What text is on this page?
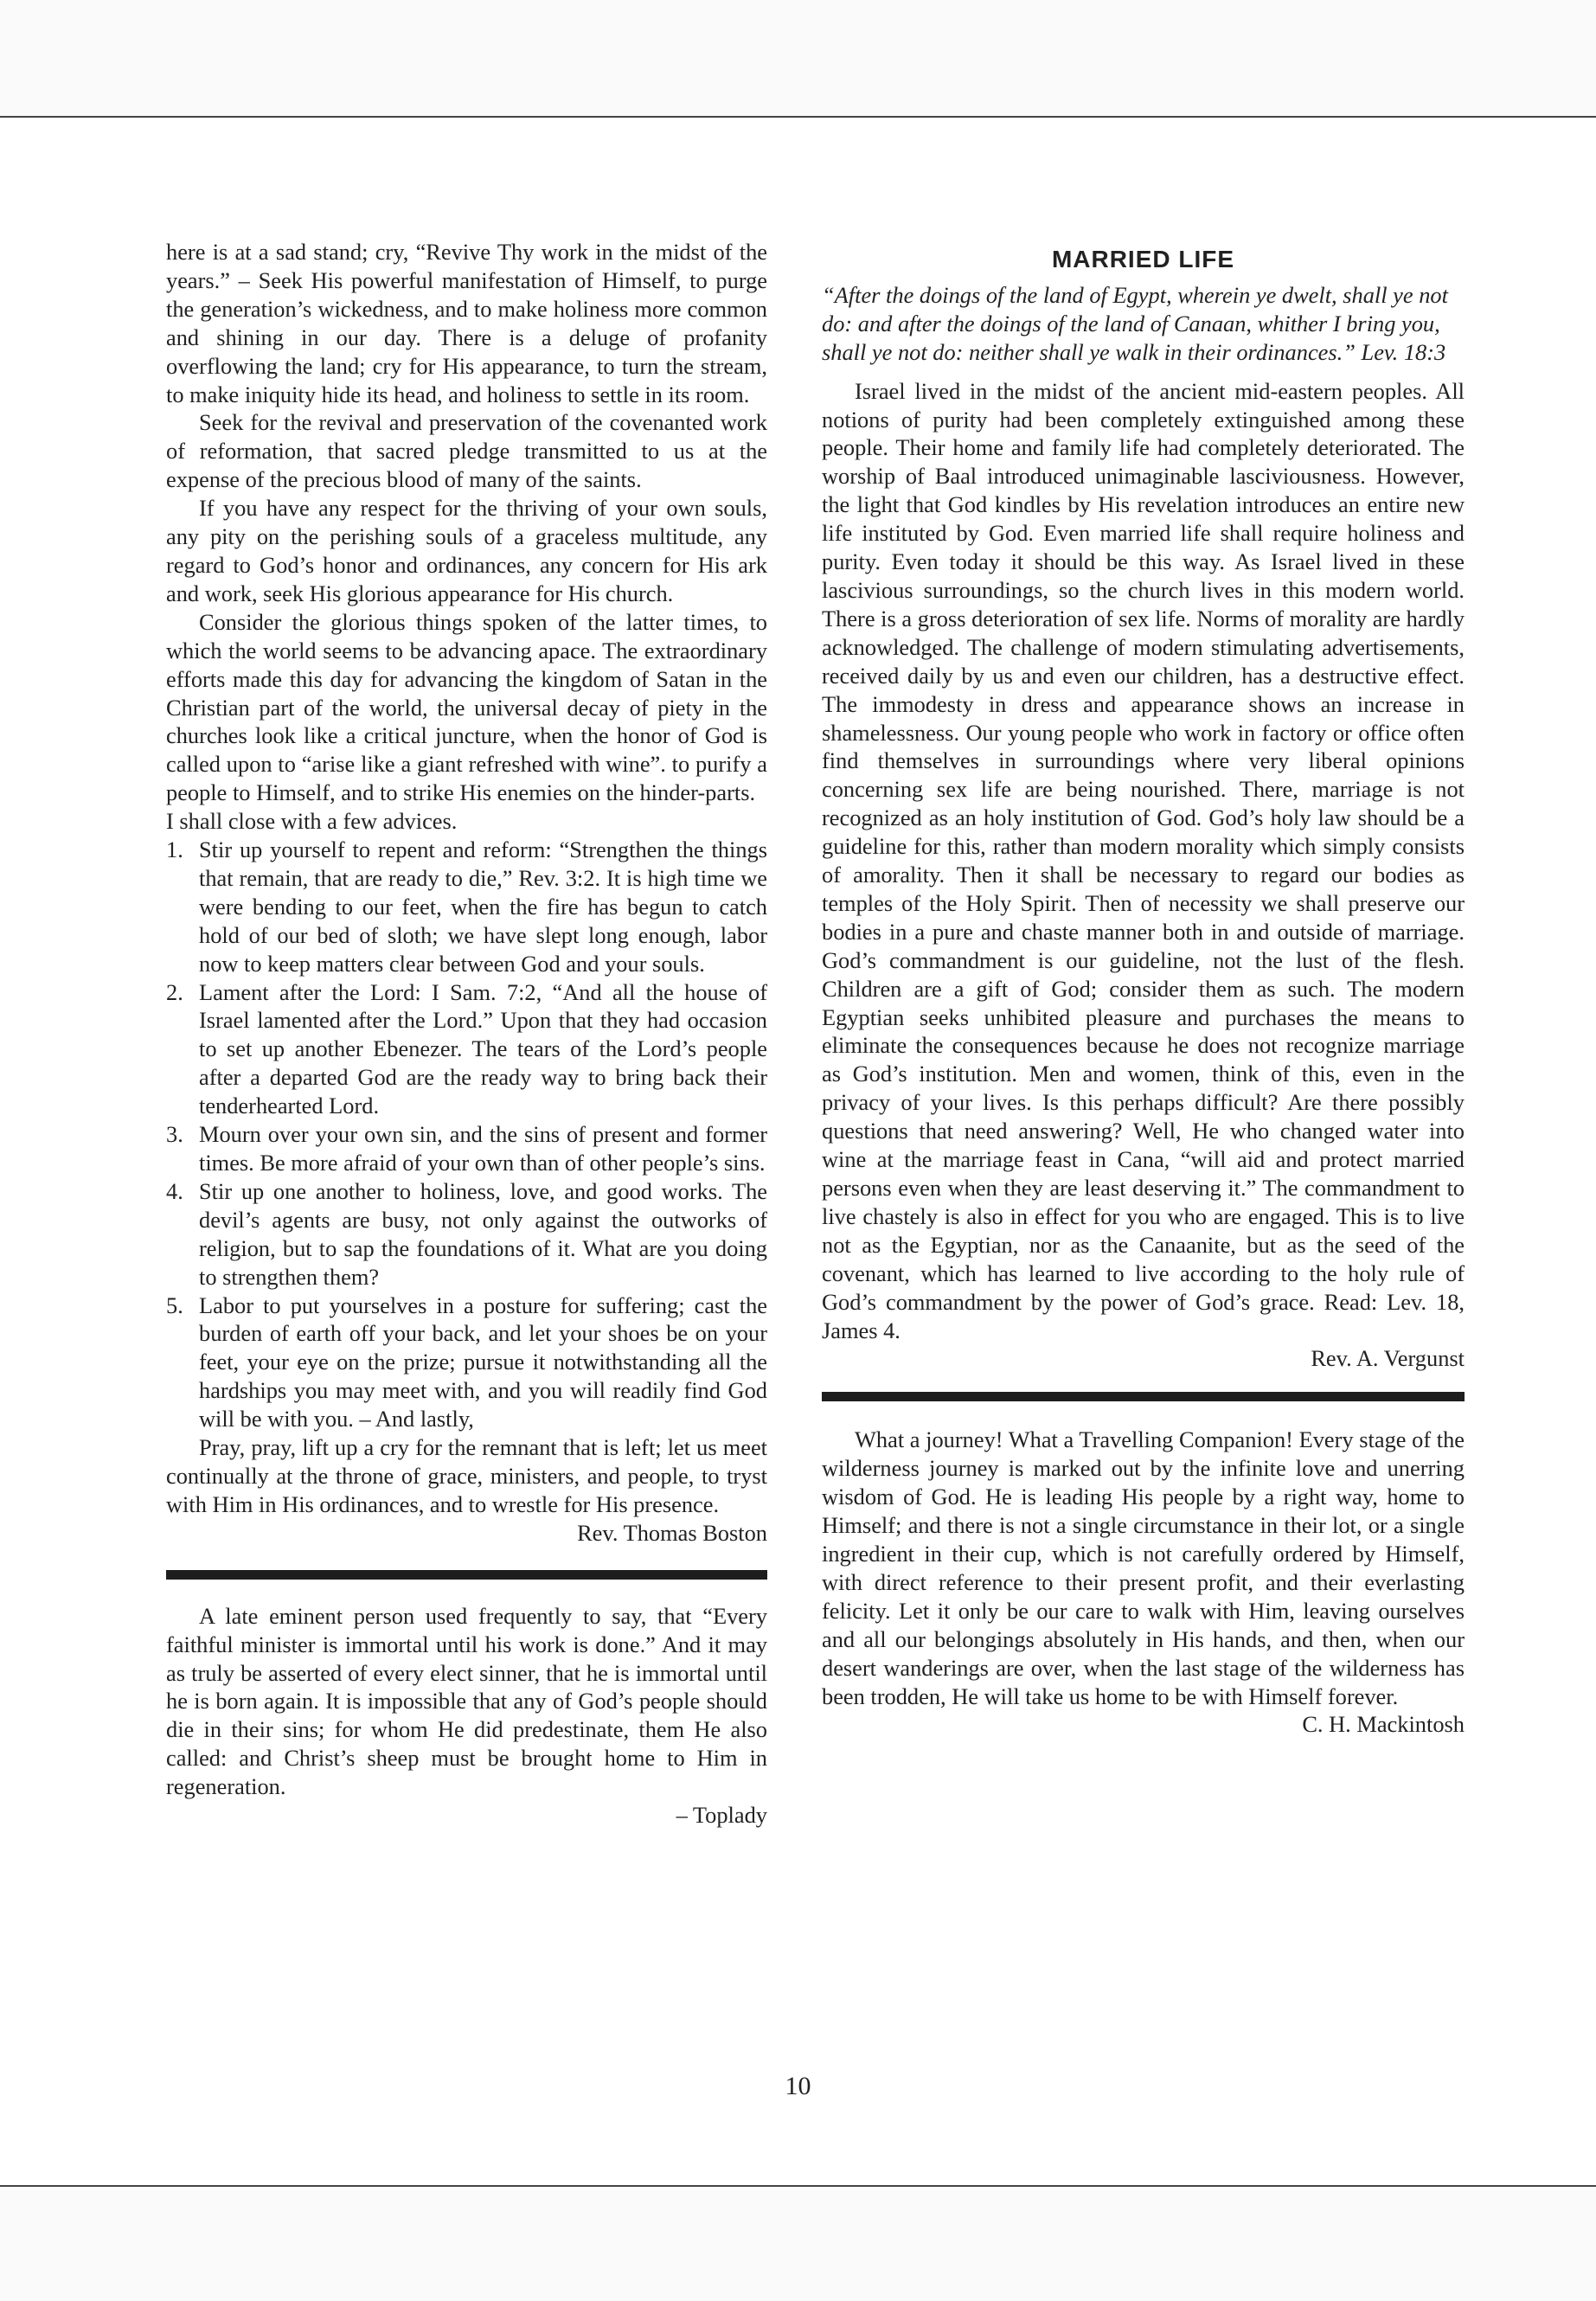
here is at a sad stand; cry, “Revive Thy work in the midst of the years.” – Seek His powerful manifestation of Himself, to purge the generation’s wickedness, and to make holiness more common and shining in our day. There is a deluge of profanity overflowing the land; cry for His appearance, to turn the stream, to make iniquity hide its head, and holiness to settle in its room.

Seek for the revival and preservation of the covenanted work of reformation, that sacred pledge transmitted to us at the expense of the precious blood of many of the saints.

If you have any respect for the thriving of your own souls, any pity on the perishing souls of a graceless multitude, any regard to God’s honor and ordinances, any concern for His ark and work, seek His glorious appearance for His church.

Consider the glorious things spoken of the latter times, to which the world seems to be advancing apace. The extraordinary efforts made this day for advancing the kingdom of Satan in the Christian part of the world, the universal decay of piety in the churches look like a critical juncture, when the honor of God is called upon to “arise like a giant refreshed with wine”. to purify a people to Himself, and to strike His enemies on the hinder-parts.

I shall close with a few advices.

1. Stir up yourself to repent and reform: “Strengthen the things that remain, that are ready to die,” Rev. 3:2. It is high time we were bending to our feet, when the fire has begun to catch hold of our bed of sloth; we have slept long enough, labor now to keep matters clear between God and your souls.
2. Lament after the Lord: I Sam. 7:2, “And all the house of Israel lamented after the Lord.” Upon that they had occasion to set up another Ebenezer. The tears of the Lord’s people after a departed God are the ready way to bring back their tenderhearted Lord.
3. Mourn over your own sin, and the sins of present and former times. Be more afraid of your own than of other people’s sins.
4. Stir up one another to holiness, love, and good works. The devil’s agents are busy, not only against the outworks of religion, but to sap the foundations of it. What are you doing to strengthen them?
5. Labor to put yourselves in a posture for suffering; cast the burden of earth off your back, and let your shoes be on your feet, your eye on the prize; pursue it notwithstanding all the hardships you may meet with, and you will readily find God will be with you. – And lastly,

Pray, pray, lift up a cry for the remnant that is left; let us meet continually at the throne of grace, ministers, and people, to tryst with Him in His ordinances, and to wrestle for His presence.

Rev. Thomas Boston

A late eminent person used frequently to say, that “Every faithful minister is immortal until his work is done.” And it may as truly be asserted of every elect sinner, that he is immortal until he is born again. It is impossible that any of God’s people should die in their sins; for whom He did predestinate, them He also called: and Christ’s sheep must be brought home to Him in regeneration.

– Toplady
MARRIED LIFE

“After the doings of the land of Egypt, wherein ye dwelt, shall ye not do: and after the doings of the land of Canaan, whither I bring you, shall ye not do: neither shall ye walk in their ordinances.” Lev. 18:3

Israel lived in the midst of the ancient mid-eastern peoples. All notions of purity had been completely extinguished among these people. Their home and family life had completely deteriorated. The worship of Baal introduced unimaginable lasciviousness. However, the light that God kindles by His revelation introduces an entire new life instituted by God. Even married life shall require holiness and purity. Even today it should be this way. As Israel lived in these lascivious surroundings, so the church lives in this modern world. There is a gross deterioration of sex life. Norms of morality are hardly acknowledged. The challenge of modern stimulating advertisements, received daily by us and even our children, has a destructive effect. The immodesty in dress and appearance shows an increase in shamelessness. Our young people who work in factory or office often find themselves in surroundings where very liberal opinions concerning sex life are being nourished. There, marriage is not recognized as an holy institution of God. God’s holy law should be a guideline for this, rather than modern morality which simply consists of amorality. Then it shall be necessary to regard our bodies as temples of the Holy Spirit. Then of necessity we shall preserve our bodies in a pure and chaste manner both in and outside of marriage. God’s commandment is our guideline, not the lust of the flesh. Children are a gift of God; consider them as such. The modern Egyptian seeks unhibited pleasure and purchases the means to eliminate the consequences because he does not recognize marriage as God’s institution. Men and women, think of this, even in the privacy of your lives. Is this perhaps difficult? Are there possibly questions that need answering? Well, He who changed water into wine at the marriage feast in Cana, “will aid and protect married persons even when they are least deserving it.” The commandment to live chastely is also in effect for you who are engaged. This is to live not as the Egyptian, nor as the Canaanite, but as the seed of the covenant, which has learned to live according to the holy rule of God’s commandment by the power of God’s grace. Read: Lev. 18, James 4.

Rev. A. Vergunst

What a journey! What a Travelling Companion! Every stage of the wilderness journey is marked out by the infinite love and unerring wisdom of God. He is leading His people by a right way, home to Himself; and there is not a single circumstance in their lot, or a single ingredient in their cup, which is not carefully ordered by Himself, with direct reference to their present profit, and their everlasting felicity. Let it only be our care to walk with Him, leaving ourselves and all our belongings absolutely in His hands, and then, when our desert wanderings are over, when the last stage of the wilderness has been trodden, He will take us home to be with Himself forever.

C. H. Mackintosh
10
